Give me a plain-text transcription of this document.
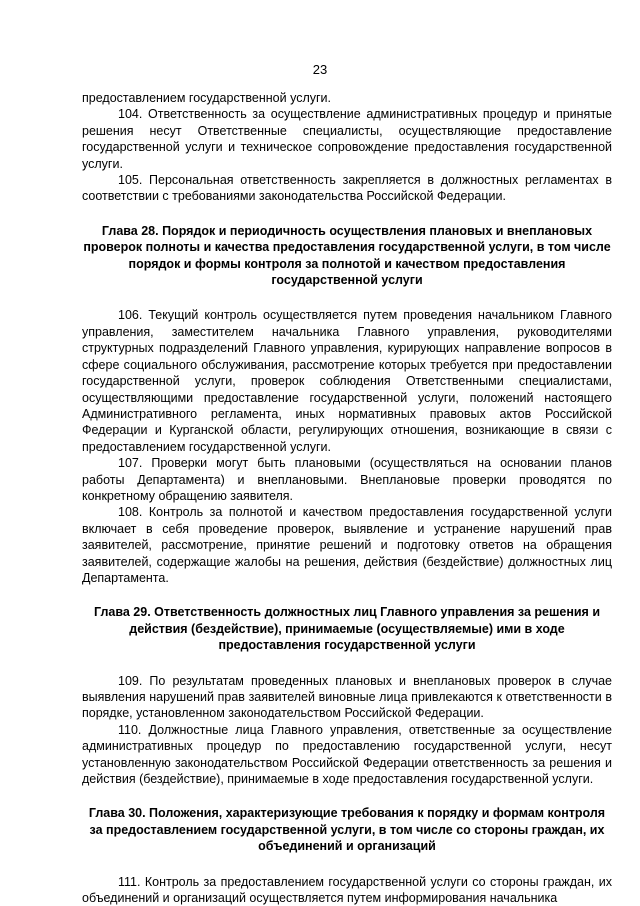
23

предоставлением государственной услуги.

104. Ответственность за осуществление административных процедур и принятые решения несут Ответственные специалисты, осуществляющие предоставление государственной услуги и техническое сопровождение предоставления государственной услуги.

105. Персональная ответственность закрепляется в должностных регламентах в соответствии с требованиями законодательства Российской Федерации.

Глава 28. Порядок и периодичность осуществления плановых и внеплановых проверок полноты и качества предоставления государственной услуги, в том числе порядок и формы контроля за полнотой и качеством предоставления государственной услуги

106. Текущий контроль осуществляется путем проведения начальником Главного управления, заместителем начальника Главного управления, руководителями структурных подразделений Главного управления, курирующих направление вопросов в сфере социального обслуживания, рассмотрение которых требуется при предоставлении государственной услуги, проверок соблюдения Ответственными специалистами, осуществляющими предоставление государственной услуги, положений настоящего Административного регламента, иных нормативных правовых актов Российской Федерации и Курганской области, регулирующих отношения, возникающие в связи с предоставлением государственной услуги.

107. Проверки могут быть плановыми (осуществляться на основании планов работы Департамента) и внеплановыми. Внеплановые проверки проводятся по конкретному обращению заявителя.

108. Контроль за полнотой и качеством предоставления государственной услуги включает в себя проведение проверок, выявление и устранение нарушений прав заявителей, рассмотрение, принятие решений и подготовку ответов на обращения заявителей, содержащие жалобы на решения, действия (бездействие) должностных лиц Департамента.

Глава 29. Ответственность должностных лиц Главного управления за решения и действия (бездействие), принимаемые (осуществляемые) ими в ходе предоставления государственной услуги

109. По результатам проведенных плановых и внеплановых проверок в случае выявления нарушений прав заявителей виновные лица привлекаются к ответственности в порядке, установленном законодательством Российской Федерации.

110. Должностные лица Главного управления, ответственные за осуществление административных процедур по предоставлению государственной услуги, несут установленную законодательством Российской Федерации ответственность за решения и действия (бездействие), принимаемые в ходе предоставления государственной услуги.

Глава 30. Положения, характеризующие требования к порядку и формам контроля за предоставлением государственной услуги, в том числе со стороны граждан, их объединений и организаций

111. Контроль за предоставлением государственной услуги со стороны граждан, их объединений и организаций осуществляется путем информирования начальника
